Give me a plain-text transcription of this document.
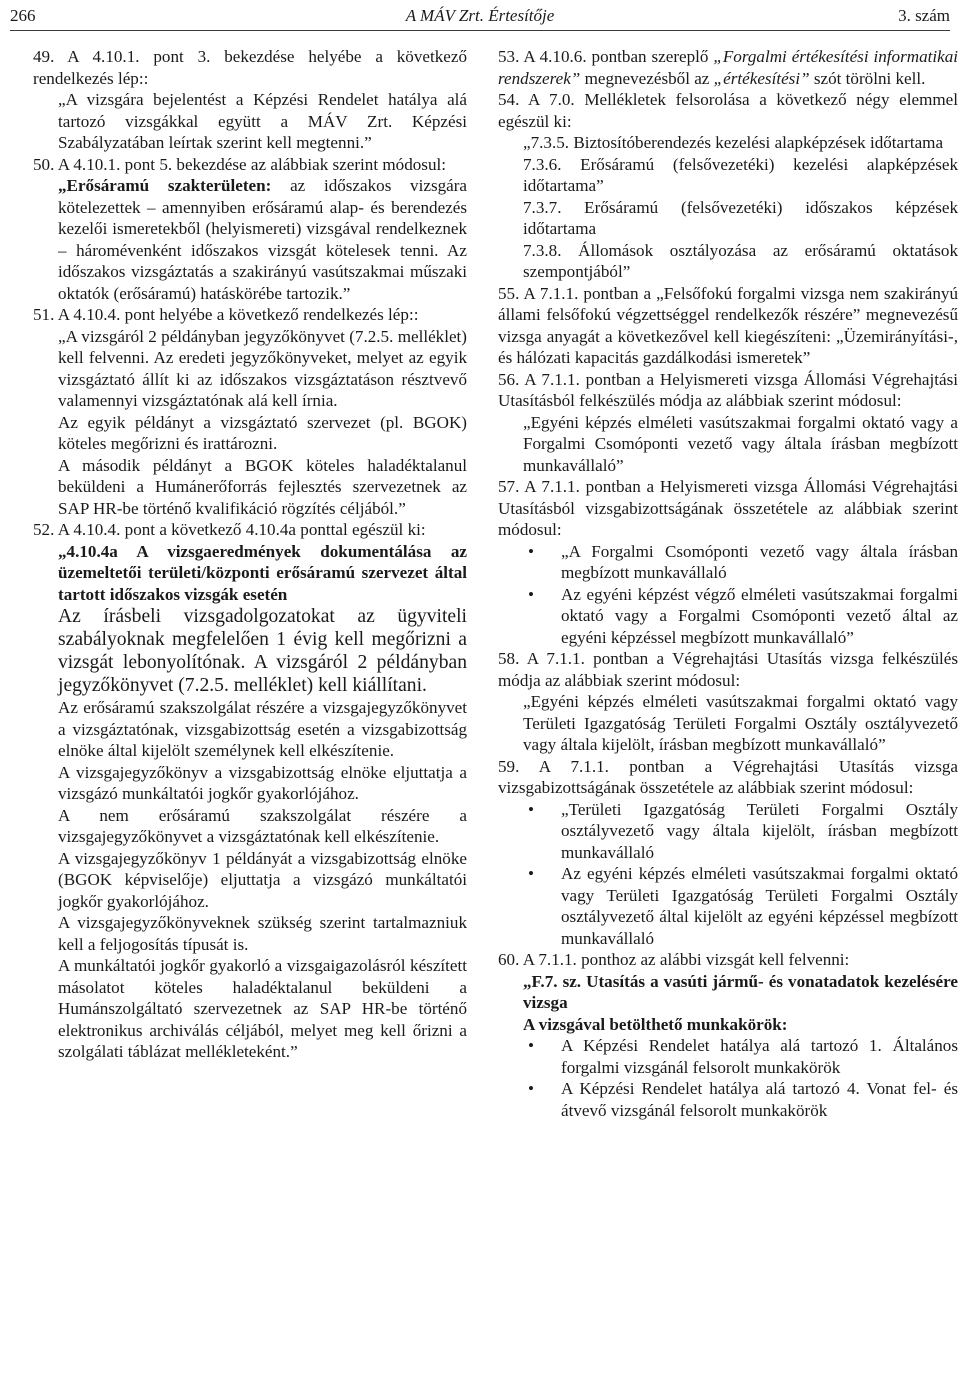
266	A MÁV Zrt. Értesítője	3. szám

49. A 4.10.1. pont 3. bekezdése helyébe a következő rendelkezés lép::

„A vizsgára bejelentést a Képzési Rendelet hatálya alá tartozó vizsgákkal együtt a MÁV Zrt. Képzési Szabályzatában leírtak szerint kell megtenni.”

50. A 4.10.1. pont 5. bekezdése az alábbiak szerint módosul:

„Erősáramú szakterületen: az időszakos vizsgára kötelezettek – amennyiben erősáramú alap- és berendezés kezelői ismeretekből (helyismereti) vizsgával rendelkeznek – háromévenként időszakos vizsgát kötelesek tenni. Az időszakos vizsgáztatás a szakirányú vasútszakmai műszaki oktatók (erősáramú) hatáskörébe tartozik.”

51. A 4.10.4. pont helyébe a következő rendelkezés lép::

„A vizsgáról 2 példányban jegyzőkönyvet (7.2.5. melléklet) kell felvenni. Az eredeti jegyzőkönyveket, melyet az egyik vizsgáztató állít ki az időszakos vizsgáztatáson résztvevő valamennyi vizsgáztatónak alá kell írnia.

Az egyik példányt a vizsgáztató szervezet (pl. BGOK) köteles megőrizni és irattározni.

A második példányt a BGOK köteles haladéktalanul beküldeni a Humánerőforrás fejlesztés szervezetnek az SAP HR-be történő kvalifikáció rögzítés céljából.”

52. A 4.10.4. pont a következő 4.10.4a ponttal egészül ki:

„4.10.4a A vizsgaeredmények dokumentálása az üzemeltetői területi/központi erősáramú szervezet által tartott időszakos vizsgák esetén

Az írásbeli vizsgadolgozatokat az ügyviteli szabályoknak megfelelően 1 évig kell megőrizni a vizsgát lebonyolítónak. A vizsgáról 2 példányban jegyzőkönyvet (7.2.5. melléklet) kell kiállítani.

Az erősáramú szakszolgálat részére a vizsgajegyzőkönyvet a vizsgáztatónak, vizsgabizottság esetén a vizsgabizottság elnöke által kijelölt személynek kell elkészítenie.

A vizsgajegyzőkönyv a vizsgabizottság elnöke eljuttatja a vizsgázó munkáltatói jogkőr gyakorlójához.

A nem erősáramú szakszolgálat részére a vizsgajegyzőkönyvet a vizsgáztatónak kell elkészítenie.

A vizsgajegyzőkönyv 1 példányát a vizsgabizottság elnöke (BGOK képviselője) eljuttatja a vizsgázó munkáltatói jogkőr gyakorlójához.

A vizsgajegyzőkönyveknek szükség szerint tartalmazniuk kell a feljogosítás típusát is.

A munkáltatói jogkőr gyakorló a vizsgaigazolásról készített másolatot köteles haladéktalanul beküldeni a Humánszolgáltató szervezetnek az SAP HR-be történő elektronikus archiválás céljából, melyet meg kell őrizni a szolgálati táblázat mellékleteként.”

53. A 4.10.6. pontban szereplő „Forgalmi értékesítési informatikai rendszerek” megnevezésből az „értékesítési” szót törölni kell.

54. A 7.0. Mellékletek felsorolása a következő négy elemmel egészül ki:

„7.3.5. Biztosítóberendezés kezelési alapképzések időtartama

7.3.6. Erősáramú (felsővezetéki) kezelési alapképzések időtartama”

7.3.7. Erősáramú (felsővezetéki) időszakos képzések időtartama

7.3.8. Állomások osztályozása az erősáramú oktatások szempontjából”

55. A 7.1.1. pontban a „Felsőfokú forgalmi vizsga nem szakirányú állami felsőfokú végzettséggel rendelkezők részére” megnevezésű vizsga anyagát a következővel kell kiegészíteni: „Üzemirányítási-, és hálózati kapacitás gazdálkodási ismeretek”

56. A 7.1.1. pontban a Helyismereti vizsga Állomási Végrehajtási Utasításból felkészülés módja az alábbiak szerint módosul:

„Egyéni képzés elméleti vasútszakmai forgalmi oktató vagy a Forgalmi Csomóponti vezető vagy általa írásban megbízott munkavállaló”

57. A 7.1.1. pontban a Helyismereti vizsga Állomási Végrehajtási Utasításból vizsgabizottságának összetétele az alábbiak szerint módosul:

• „A Forgalmi Csomóponti vezető vagy általa írásban megbízott munkavállaló

• Az egyéni képzést végző elméleti vasútszakmai forgalmi oktató vagy a Forgalmi Csomóponti vezető által az egyéni képzéssel megbízott munkavállaló”

58. A 7.1.1. pontban a Végrehajtási Utasítás vizsga felkészülés módja az alábbiak szerint módosul:

„Egyéni képzés elméleti vasútszakmai forgalmi oktató vagy Területi Igazgatóság Területi Forgalmi Osztály osztályvezető vagy általa kijelölt, írásban megbízott munkavállaló”

59. A 7.1.1. pontban a Végrehajtási Utasítás vizsga vizsgabizottságának összetétele az alábbiak szerint módosul:

• „Területi Igazgatóság Területi Forgalmi Osztály osztályvezető vagy általa kijelölt, írásban megbízott munkavállaló

• Az egyéni képzés elméleti vasútszakmai forgalmi oktató vagy Területi Igazgatóság Területi Forgalmi Osztály osztályvezető által kijelölt az egyéni képzéssel megbízott munkavállaló

60. A 7.1.1. ponthoz az alábbi vizsgát kell felvenni:

„F.7. sz. Utasítás a vasúti jármű- és vonatadatok kezelésére vizsga

A vizsgával betölthető munkakörök:

• A Képzési Rendelet hatálya alá tartozó 1. Általános forgalmi vizsgánál felsorolt munkakörök

• A Képzési Rendelet hatálya alá tartozó 4. Vonat fel- és átvevő vizsgánál felsorolt munkakörök
